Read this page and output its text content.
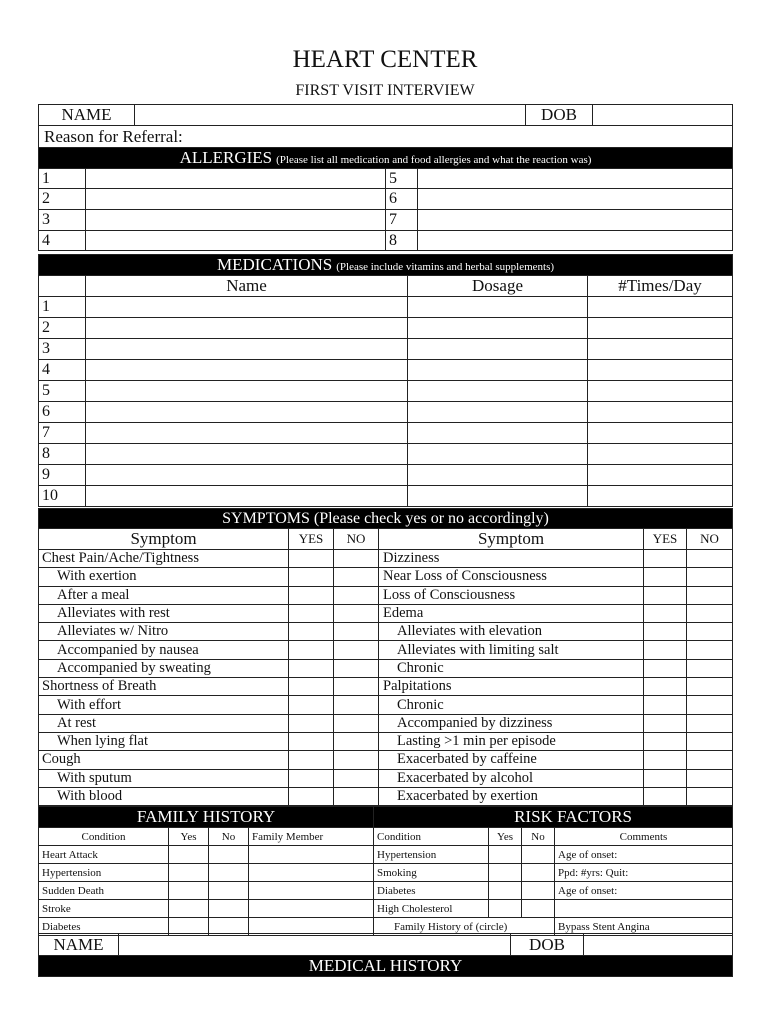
HEART CENTER
FIRST VISIT INTERVIEW
NAME		DOB	
Reason for Referral:
ALLERGIES (Please list all medication and food allergies and what the reaction was)			
1		5	
2		6	
3		7	
4		8	
MEDICATIONS (Please include vitamins and herbal supplements)			
	Name	Dosage	#Times/Day
1			
2			
3			
4			
5			
6			
7			
8			
9			
10			
SYMPTOMS (Please check yes or no accordingly)					
Symptom	YES	NO	Symptom	YES	NO
Chest Pain/Ache/Tightness			Dizziness		
With exertion			Near Loss of Consciousness		
After a meal			Loss of Consciousness		
Alleviates with rest			Edema		
Alleviates w/ Nitro			Alleviates with elevation		
Accompanied by nausea			Alleviates with limiting salt		
Accompanied by sweating			Chronic		
Shortness of Breath			Palpitations		
With effort			Chronic		
At rest			Accompanied by dizziness		
When lying flat			Lasting >1 min per episode		
Cough			Exacerbated by caffeine		
With sputum			Exacerbated by alcohol		
With blood			Exacerbated by exertion		
FAMILY HISTORY				RISK FACTORS			
Condition	Yes	No	Family Member	Condition	Yes	No	Comments
Heart Attack				Hypertension			Age of onset:
Hypertension				Smoking			Ppd: #yrs: Quit:
Sudden Death				Diabetes			Age of onset:
Stroke				High Cholesterol			
Diabetes				Family History of (circle)			Bypass Stent Angina
NAME		DOB	
MEDICAL HISTORY
